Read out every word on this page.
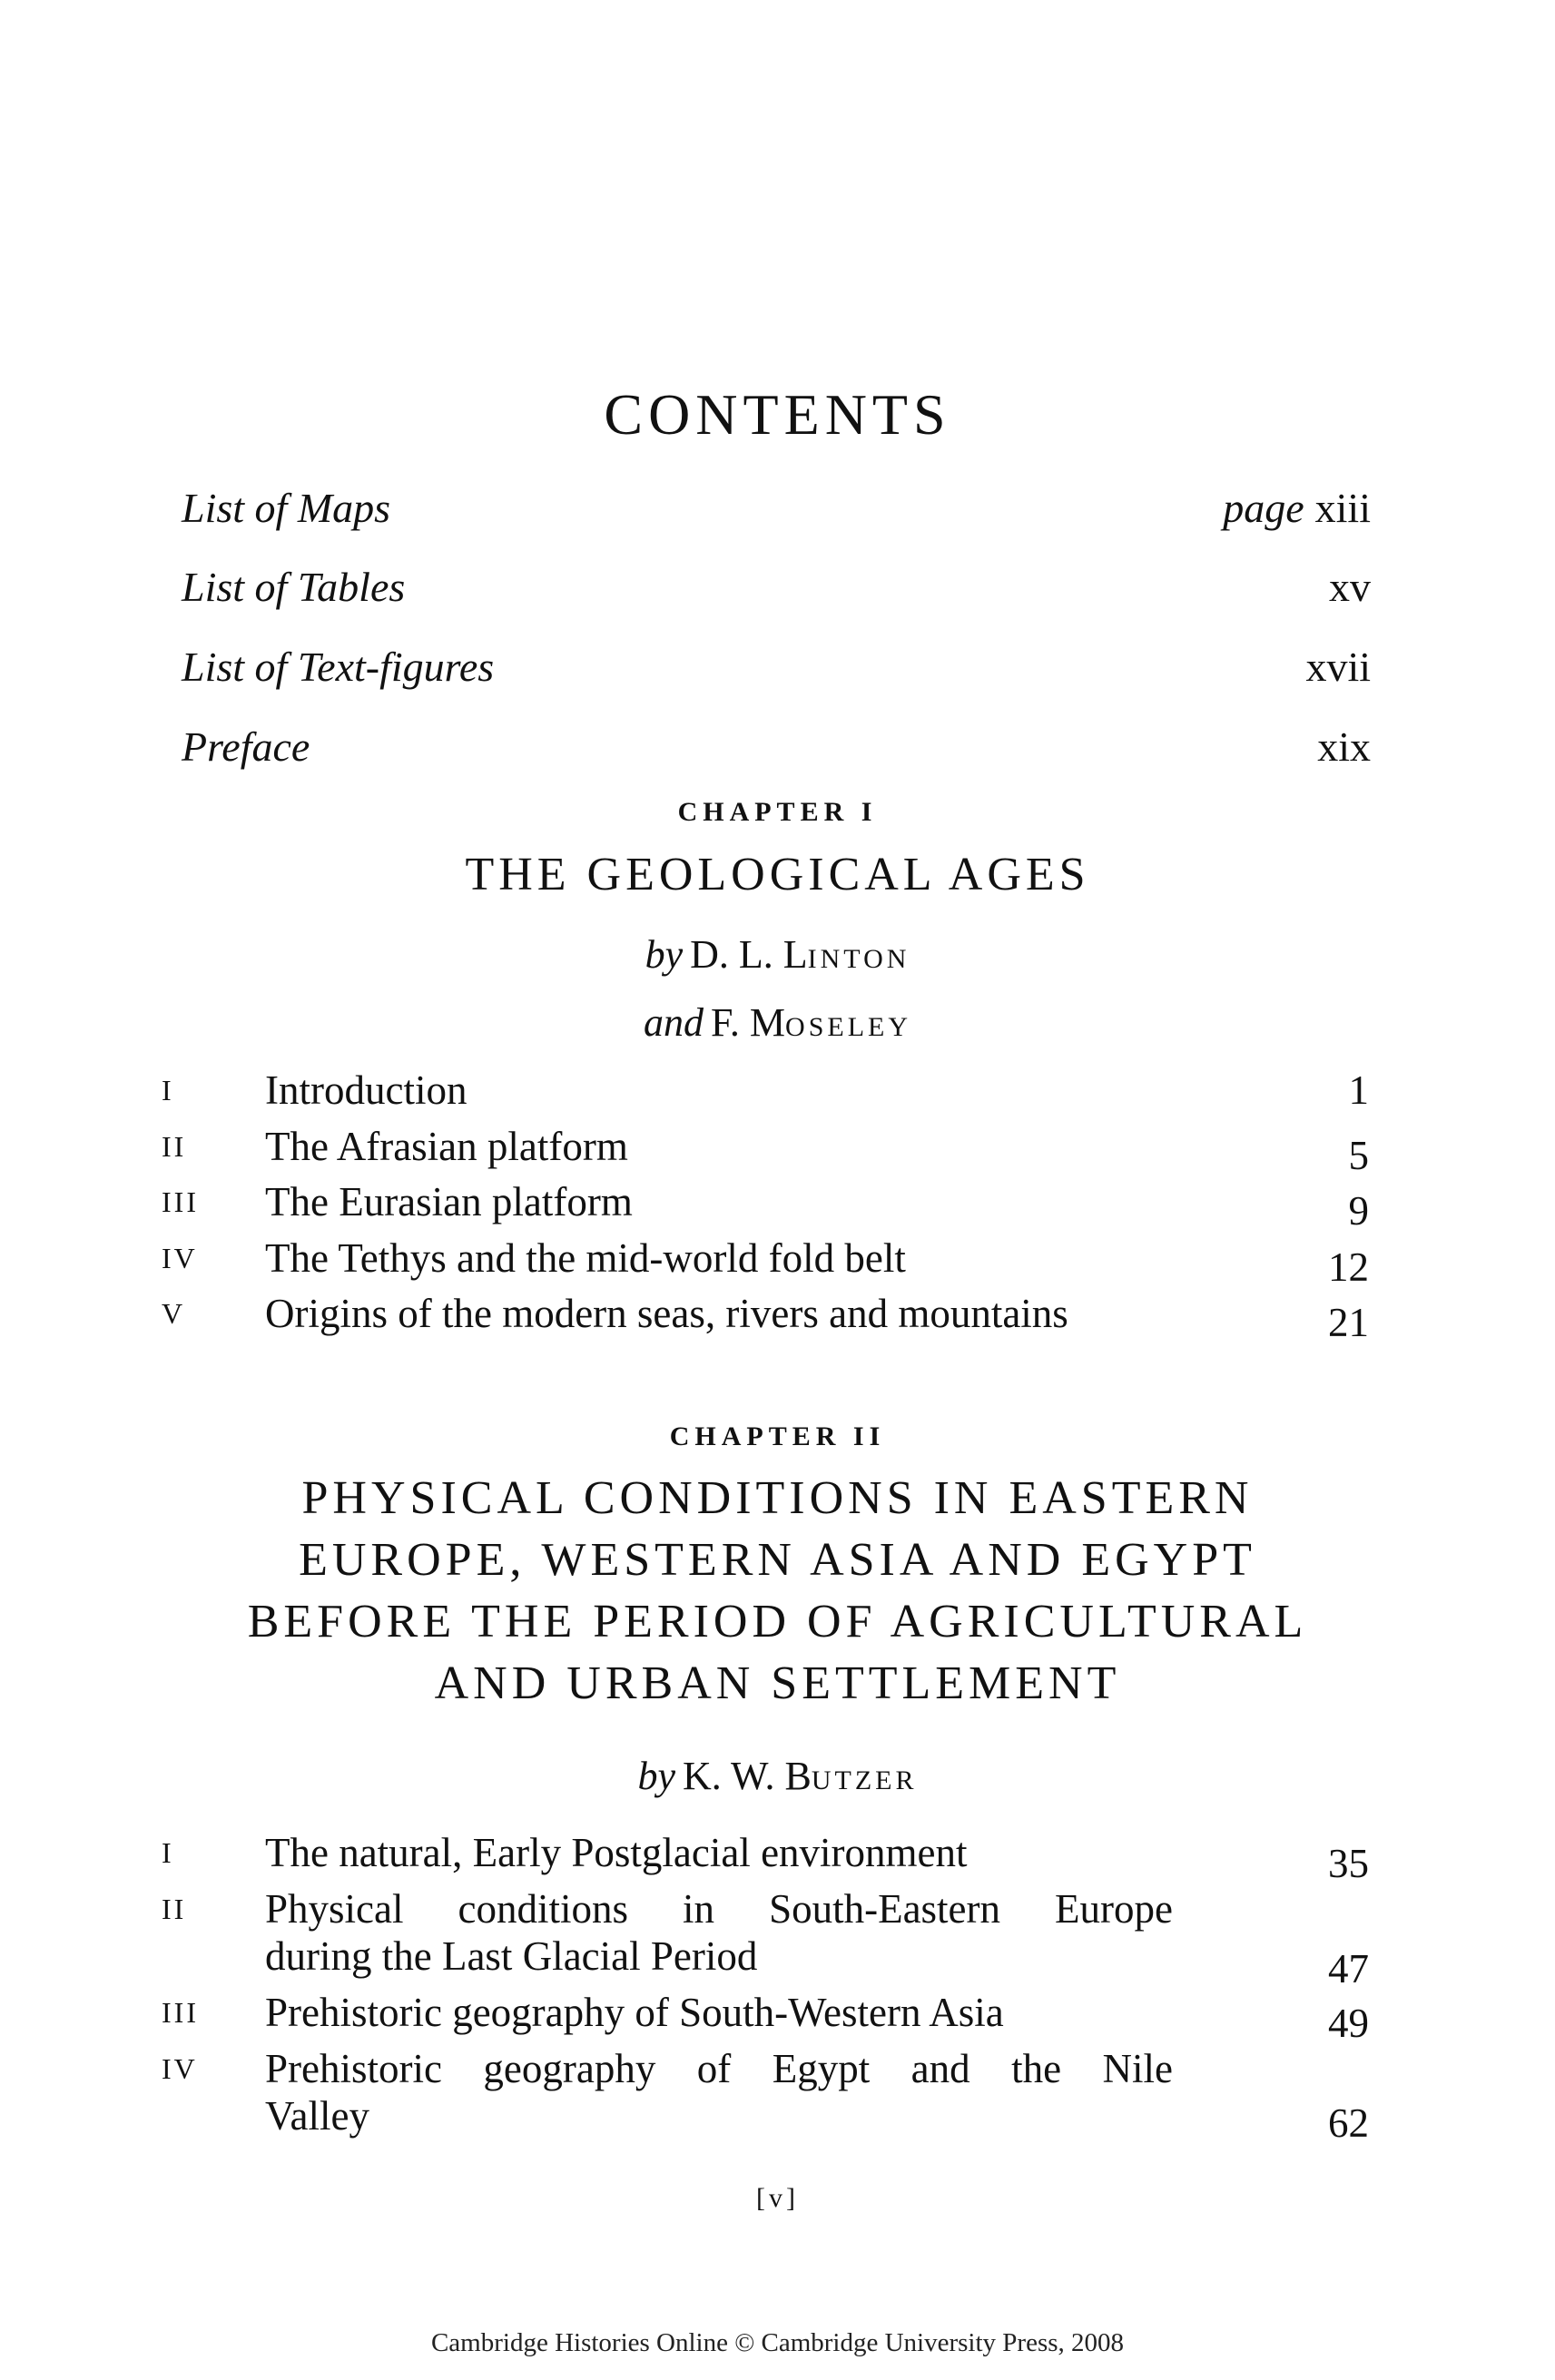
CONTENTS
List of Maps	page xiii
List of Tables	xv
List of Text-figures	xvii
Preface	xix
CHAPTER I
THE GEOLOGICAL AGES
by D. L. LINTON
and F. MOSELEY
I Introduction	1
II The Afrasian platform	5
III The Eurasian platform	9
IV The Tethys and the mid-world fold belt	12
V Origins of the modern seas, rivers and mountains	21
CHAPTER II
PHYSICAL CONDITIONS IN EASTERN
EUROPE, WESTERN ASIA AND EGYPT
BEFORE THE PERIOD OF AGRICULTURAL
AND URBAN SETTLEMENT
by K. W. BUTZER
I The natural, Early Postglacial environment	35
II Physical conditions in South-Eastern Europe
during the Last Glacial Period	47
III Prehistoric geography of South-Western Asia	49
IV Prehistoric geography of Egypt and the Nile
Valley	62
[v]
Cambridge Histories Online © Cambridge University Press, 2008
